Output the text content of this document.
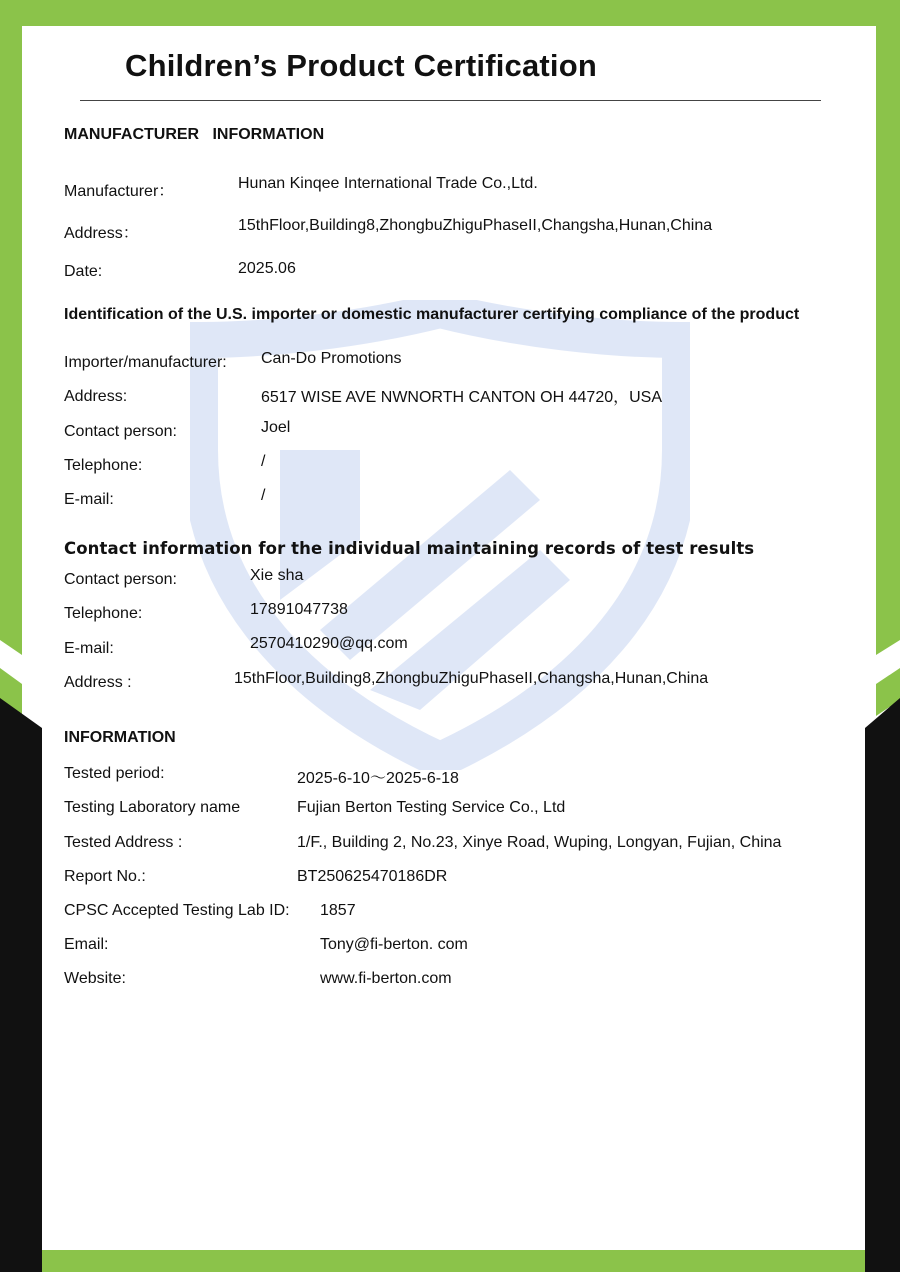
Children’s Product Certification
MANUFACTURER   INFORMATION
Manufacturer：	Hunan Kinqee International Trade Co.,Ltd.
Address：	15thFloor,Building8,ZhongbuZhiguPhaseII,Changsha,Hunan,China
Date:	2025.06
Identification of the U.S. importer or domestic manufacturer certifying compliance of the product
Importer/manufacturer: Can-Do Promotions
Address:	6517 WISE AVE NWNORTH CANTON OH 44720，USA
Contact person:	Joel
Telephone:	/
E-mail:	/
Contact information for the individual maintaining records of test results
Contact person:	Xie sha
Telephone:	17891047738
E-mail:	2570410290@qq.com
Address :	15thFloor,Building8,ZhongbuZhiguPhaseII,Changsha,Hunan,China
INFORMATION
Tested period:	2025-6-10～2025-6-18
Testing Laboratory name	Fujian Berton Testing Service Co., Ltd
Tested Address :	1/F., Building 2, No.23, Xinye Road, Wuping, Longyan, Fujian, China
Report No.:	BT250625470186DR
CPSC Accepted Testing Lab ID: 1857
Email:	Tony@fi-berton. com
Website:	www.fi-berton.com
